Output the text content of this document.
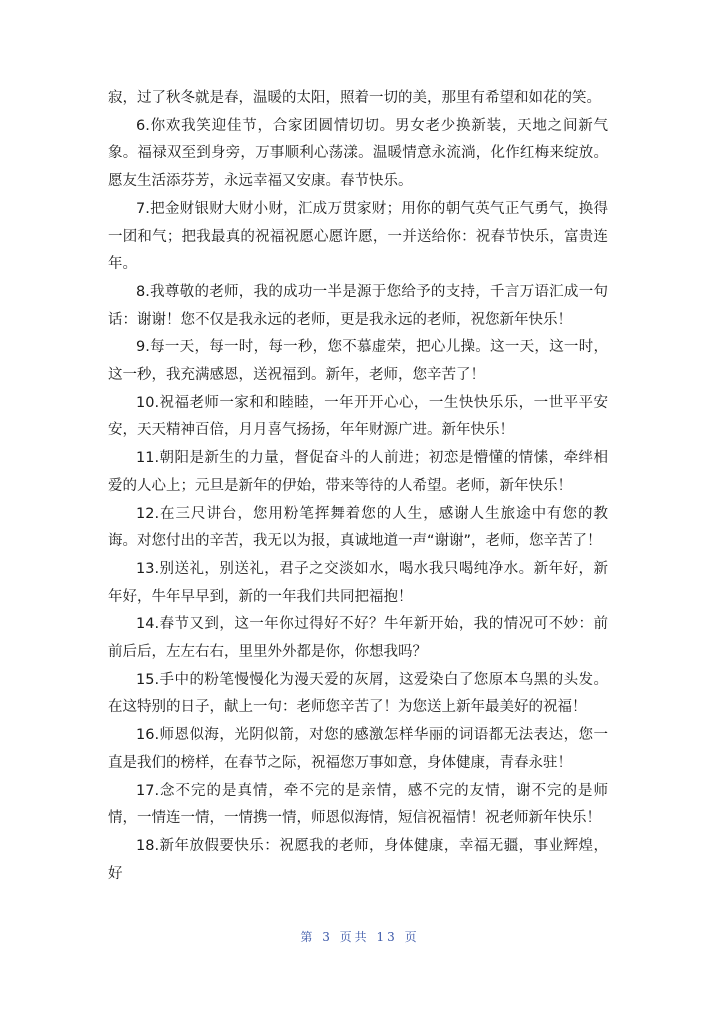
寂，过了秋冬就是春，温暖的太阳，照着一切的美，那里有希望和如花的笑。

6.你欢我笑迎佳节，合家团圆情切切。男女老少换新装，天地之间新气象。福禄双至到身旁，万事顺利心荡漾。温暖情意永流淌，化作红梅来绽放。愿友生活添芬芳，永远幸福又安康。春节快乐。

7.把金财银财大财小财，汇成万贯家财；用你的朝气英气正气勇气，换得一团和气；把我最真的祝福祝愿心愿许愿，一并送给你：祝春节快乐，富贵连年。

8.我尊敬的老师，我的成功一半是源于您给予的支持，千言万语汇成一句话：谢谢！您不仅是我永远的老师，更是我永远的老师，祝您新年快乐！

9.每一天，每一时，每一秒，您不慕虚荣，把心儿操。这一天，这一时，这一秒，我充满感恩，送祝福到。新年，老师，您辛苦了！

10.祝福老师一家和和睦睦，一年开开心心，一生快快乐乐，一世平平安安，天天精神百倍，月月喜气扬扬，年年财源广进。新年快乐！

11.朝阳是新生的力量，督促奋斗的人前进；初恋是懵懂的情愫，牵绊相爱的人心上；元旦是新年的伊始，带来等待的人希望。老师，新年快乐！

12.在三尺讲台，您用粉笔挥舞着您的人生，感谢人生旅途中有您的教诲。对您付出的辛苦，我无以为报，真诚地道一声“谢谢”，老师，您辛苦了！

13.别送礼，别送礼，君子之交淡如水，喝水我只喝纯净水。新年好，新年好，牛年早早到，新的一年我们共同把福抱！

14.春节又到，这一年你过得好不好？牛年新开始，我的情况可不妙：前前后后，左左右右，里里外外都是你，你想我吗？

15.手中的粉笔慢慢化为漫天爱的灰屑，这爱染白了您原本乌黑的头发。在这特别的日子，献上一句：老师您辛苦了！为您送上新年最美好的祝福！

16.师恩似海，光阴似箭，对您的感激怎样华丽的词语都无法表达，您一直是我们的榜样，在春节之际，祝福您万事如意，身体健康，青春永驻！

17.念不完的是真情，牵不完的是亲情，感不完的友情，谢不完的是师情，一情连一情，一情携一情，师恩似海情，短信祝福情！祝老师新年快乐！

18.新年放假要快乐：祝愿我的老师，身体健康，幸福无疆，事业辉煌，好

第 3 页共 13 页
